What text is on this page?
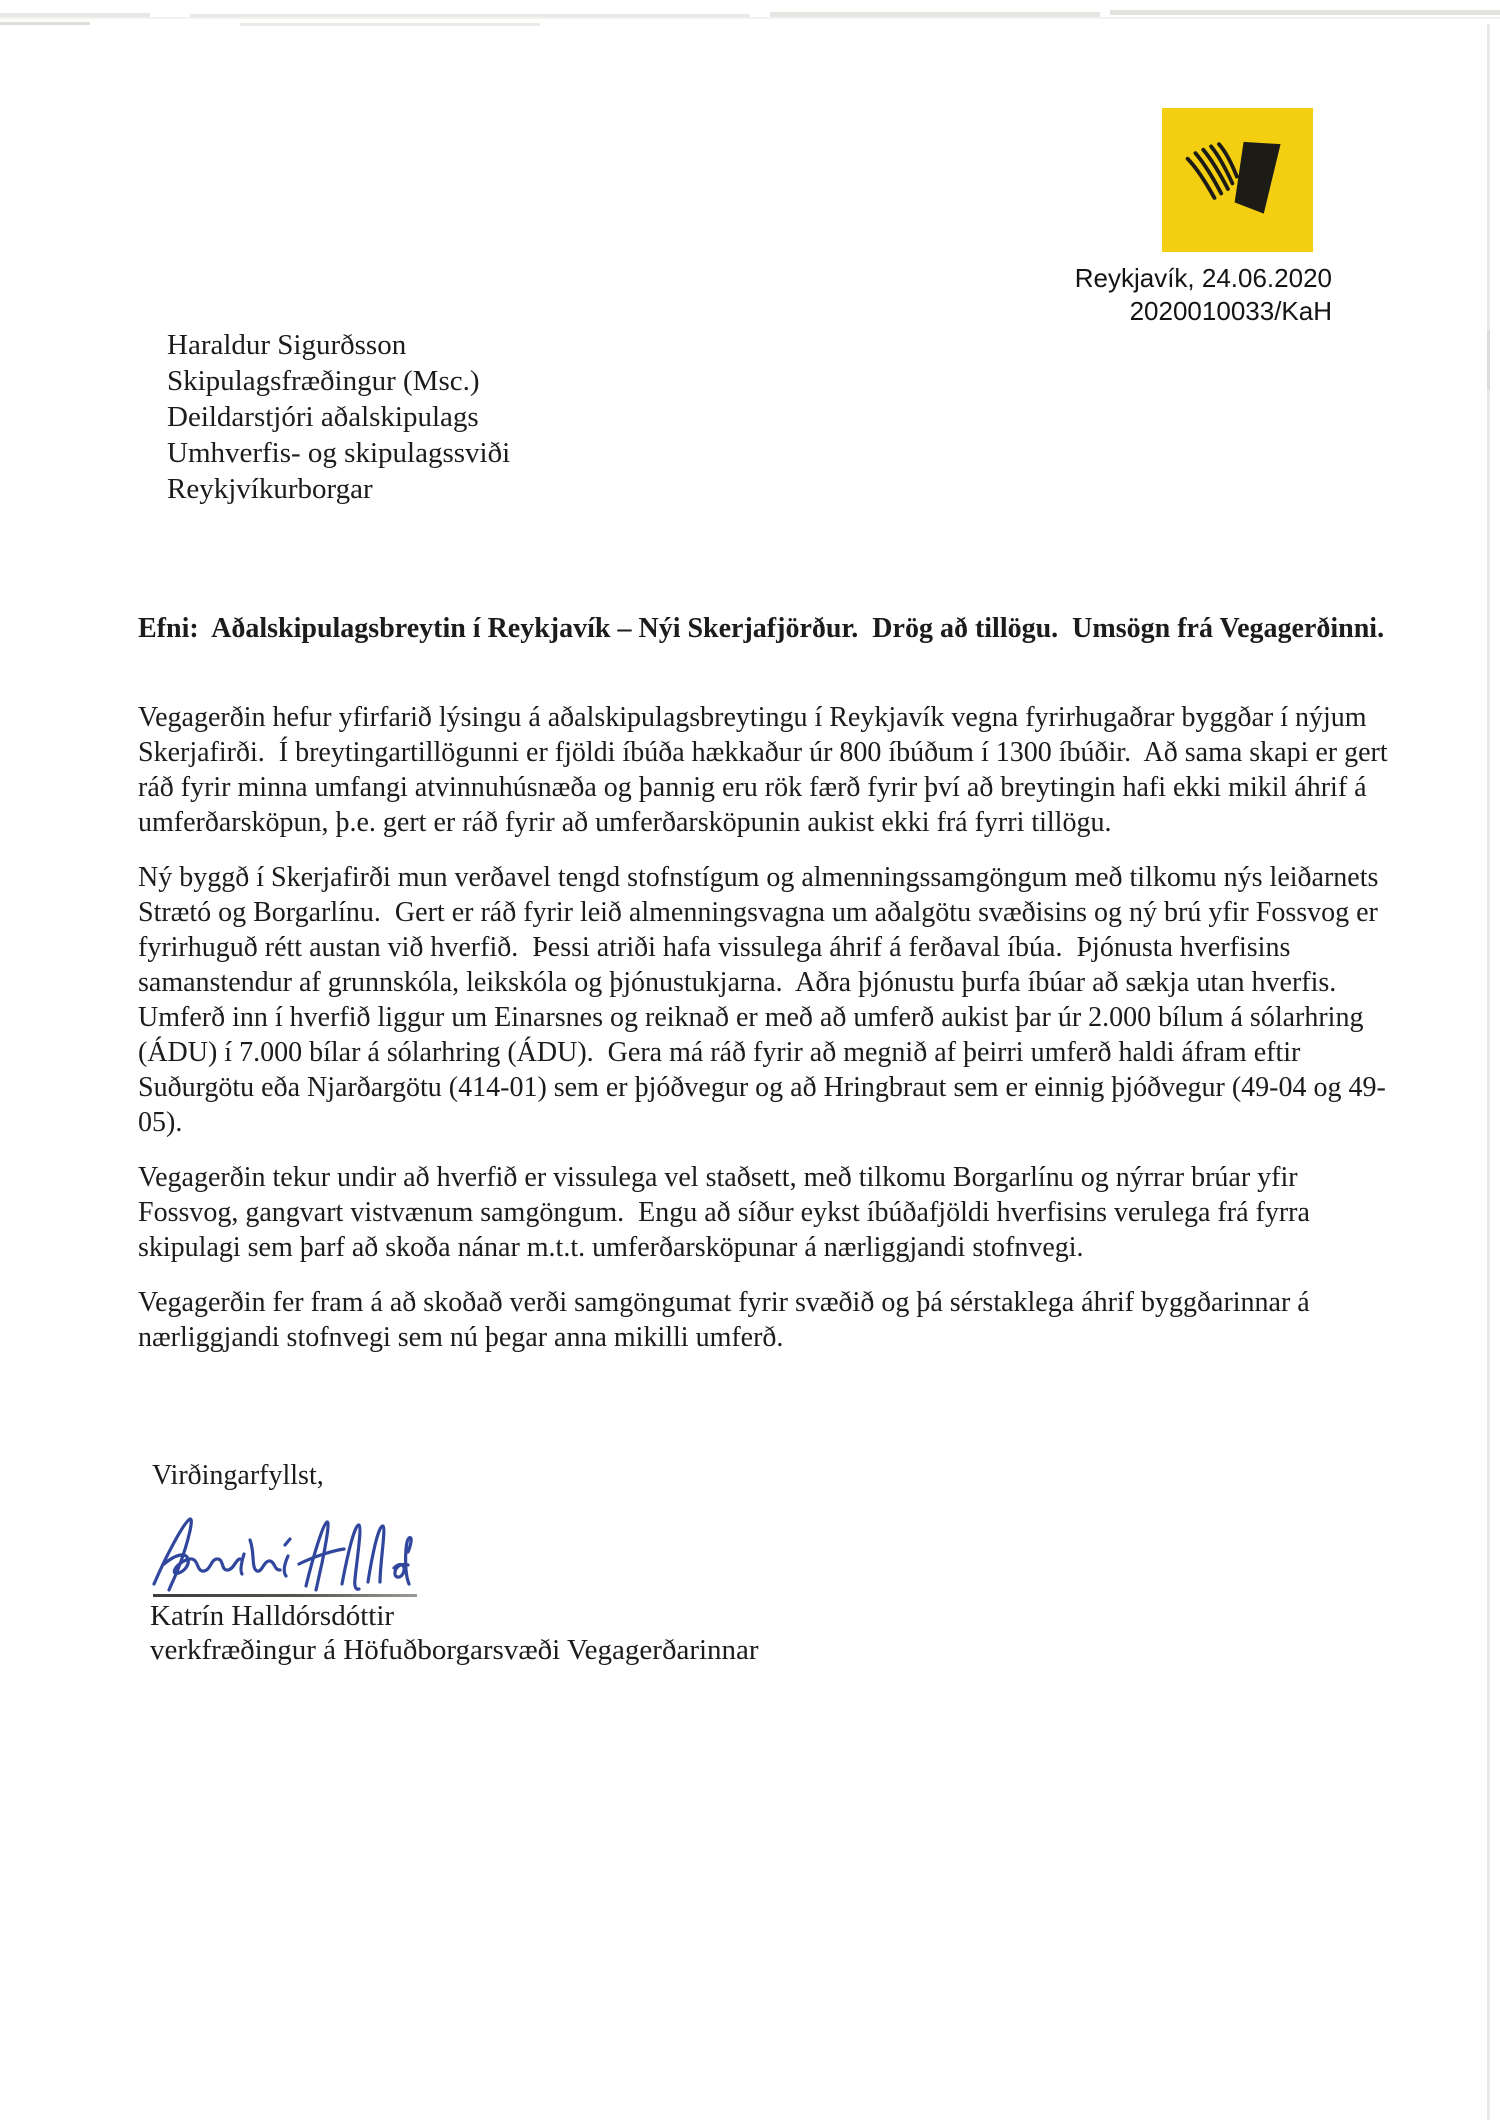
Reykjavík, 24.06.2020
2020010033/KaH
Haraldur Sigurðsson
Skipulagsfræðingur (Msc.)
Deildarstjóri aðalskipulags
Umhverfis- og skipulagssviði
Reykjvíkurborgar
Efni:  Aðalskipulagsbreytin í Reykjavík – Nýi Skerjafjörður.  Drög að tillögu.  Umsögn frá Vegagerðinni.

Vegagerðin hefur yfirfarið lýsingu á aðalskipulagsbreytingu í Reykjavík vegna fyrirhugaðrar byggðar í nýjum Skerjafirði.  Í breytingartillögunni er fjöldi íbúða hækkaður úr 800 íbúðum í 1300 íbúðir.  Að sama skapi er gert ráð fyrir minna umfangi atvinnuhúsnæða og þannig eru rök færð fyrir því að breytingin hafi ekki mikil áhrif á umferðarsköpun, þ.e. gert er ráð fyrir að umferðarsköpunin aukist ekki frá fyrri tillögu.

Ný byggð í Skerjafirði mun verðavel tengd stofnstígum og almenningssamgöngum með tilkomu nýs leiðarnets Strætó og Borgarlínu.  Gert er ráð fyrir leið almenningsvagna um aðalgötu svæðisins og ný brú yfir Fossvog er fyrirhuguð rétt austan við hverfið.  Þessi atriði hafa vissulega áhrif á ferðaval íbúa.  Þjónusta hverfisins samanstendur af grunnskóla, leikskóla og þjónustukjarna.  Aðra þjónustu þurfa íbúar að sækja utan hverfis.  Umferð inn í hverfið liggur um Einarsnes og reiknað er með að umferð aukist þar úr 2.000 bílum á sólarhring (ÁDU) í 7.000 bílar á sólarhring (ÁDU).  Gera má ráð fyrir að megnið af þeirri umferð haldi áfram eftir Suðurgötu eða Njarðargötu (414-01) sem er þjóðvegur og að Hringbraut sem er einnig þjóðvegur (49-04 og 49-05).

Vegagerðin tekur undir að hverfið er vissulega vel staðsett, með tilkomu Borgarlínu og nýrrar brúar yfir Fossvog, gangvart vistvænum samgöngum.  Engu að síður eykst íbúðafjöldi hverfisins verulega frá fyrra skipulagi sem þarf að skoða nánar m.t.t. umferðarsköpunar á nærliggjandi stofnvegi.

Vegagerðin fer fram á að skoðað verði samgöngumat fyrir svæðið og þá sérstaklega áhrif byggðarinnar á nærliggjandi stofnvegi sem nú þegar anna mikilli umferð.

Virðingarfyllst,
Katrín Halldórsdóttir
verkfræðingur á Höfuðborgarsvæði Vegagerðarinnar
